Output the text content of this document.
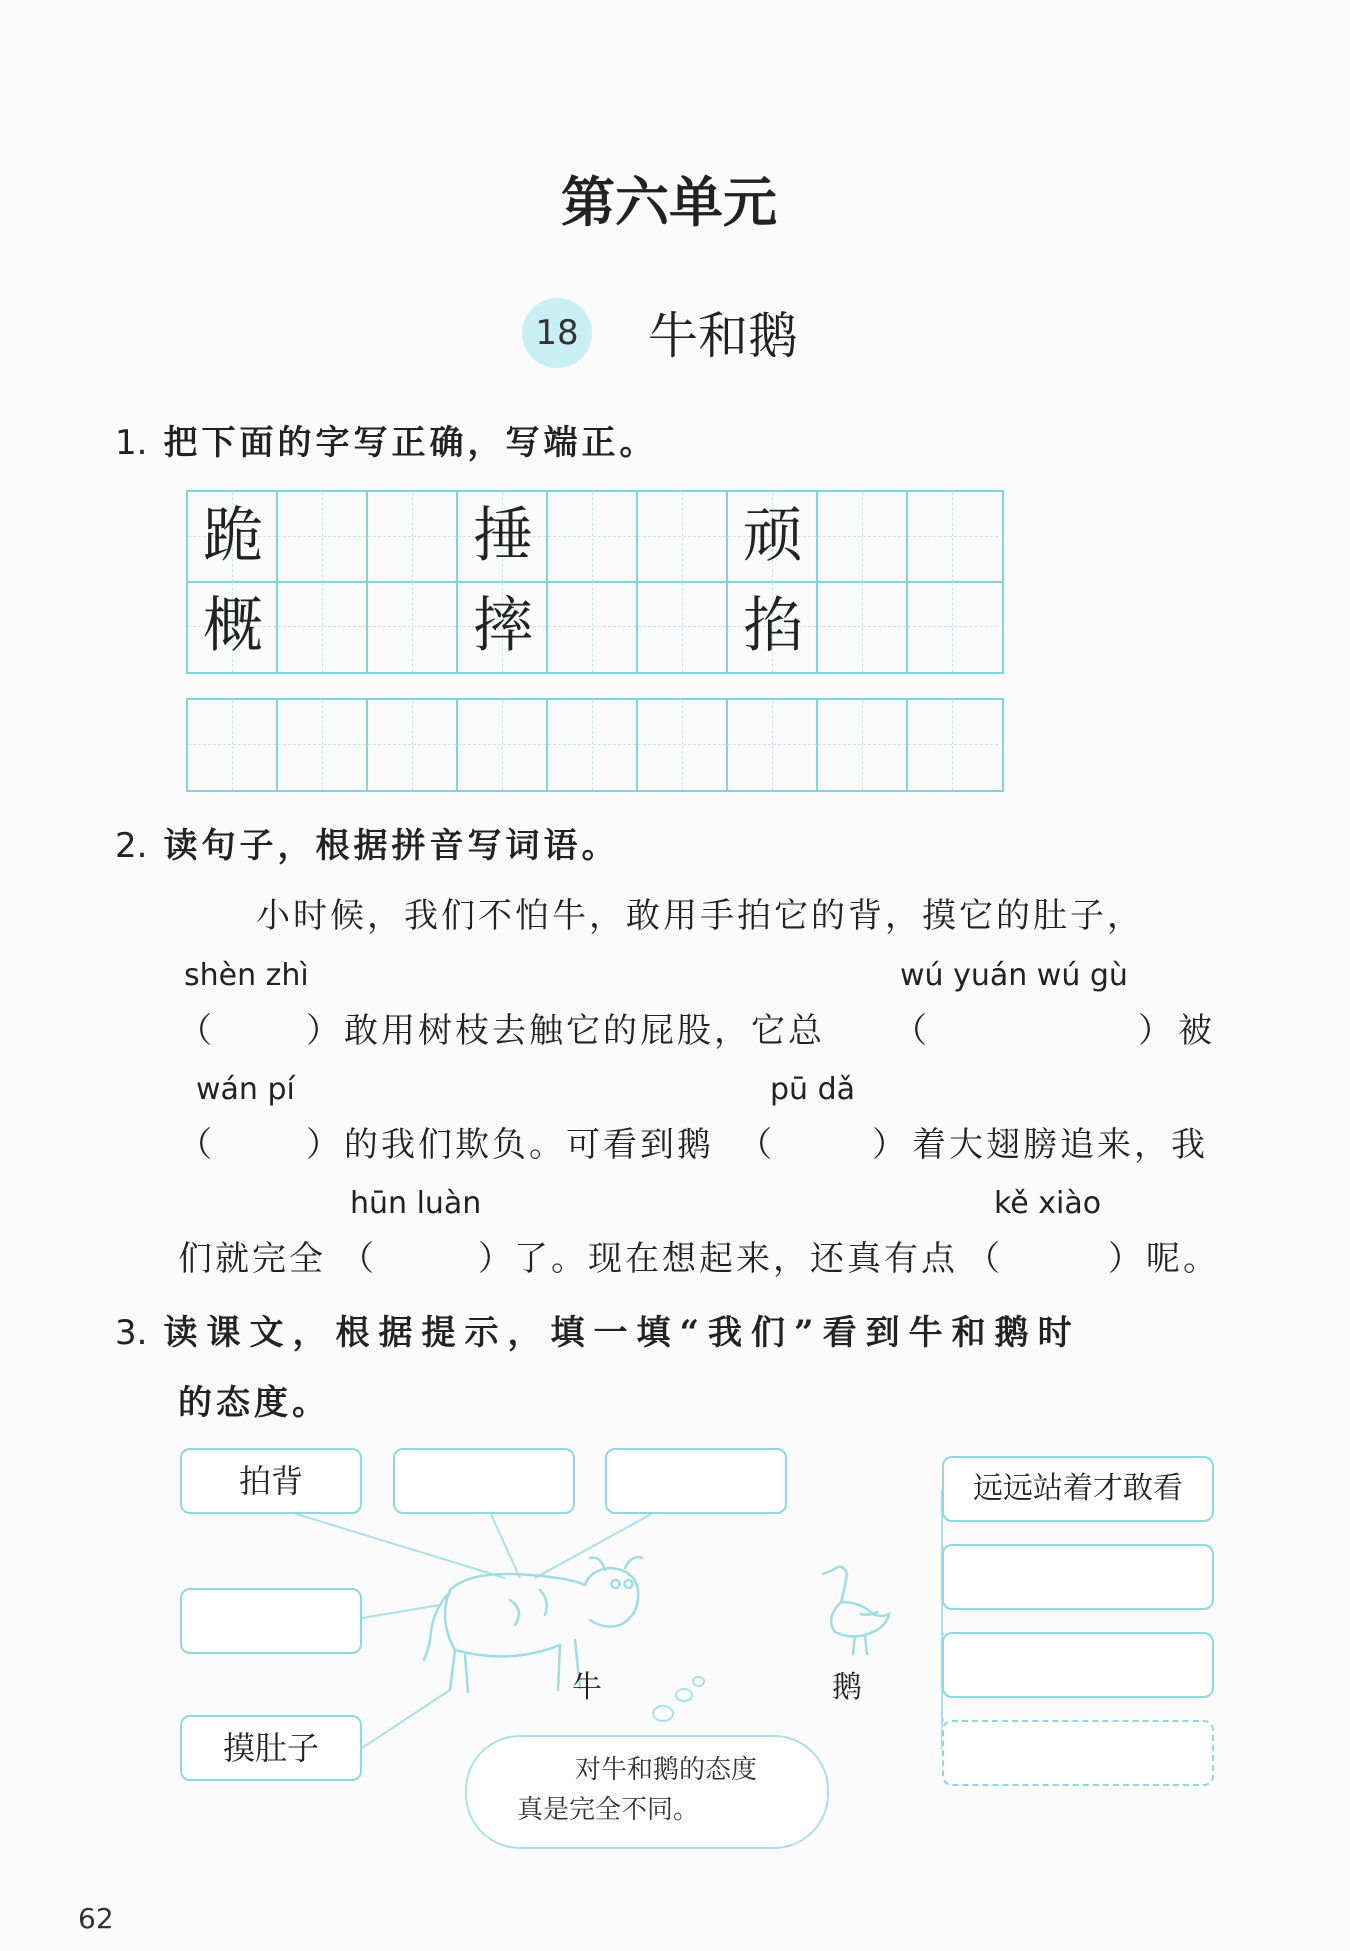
第六单元
18 牛和鹅
1. 把下面的字写正确，写端正。
跪	捶	顽
概	摔	掐
2. 读句子，根据拼音写词语。
小时候，我们不怕牛，敢用手拍它的背，摸它的肚子，
shèn zhì	wú yuán wú gù
（	） 敢用树枝去触它的屁股，它总 （	） 被
wán pí	pū dǎ
（	） 的我们欺负。可看到鹅 （	） 着大翅膀追来，我
hūn luàn	kě xiào
们就完全 （	） 了。现在想起来，还真有点 （	） 呢。
3. 读课文，根据提示，填一填“我们”看到牛和鹅时
的态度。
牛	鹅
对牛和鹅的态度
真是完全不同。
拍背
摸肚子
远远站着才敢看
62
